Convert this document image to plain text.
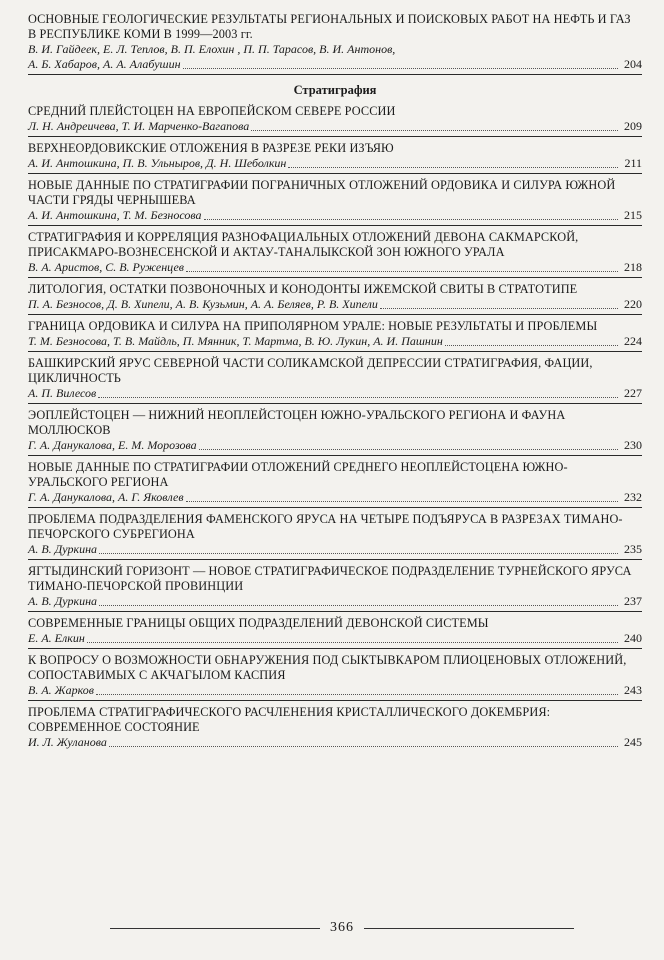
ОСНОВНЫЕ ГЕОЛОГИЧЕСКИЕ РЕЗУЛЬТАТЫ РЕГИОНАЛЬНЫХ И ПОИСКОВЫХ РАБОТ НА НЕФТЬ И ГАЗ В РЕСПУБЛИКЕ КОМИ В 1999—2003 гг.
В. И. Гайдеек, Е. Л. Теплов, В. П. Елохин , П. П. Тарасов, В. И. Антонов,
А. Б. Хабаров, А. А. Алабушин	204
Стратиграфия
СРЕДНИЙ ПЛЕЙСТОЦЕН НА ЕВРОПЕЙСКОМ СЕВЕРЕ РОССИИ
Л. Н. Андреичева, Т. И. Марченко-Вагапова	209
ВЕРХНЕОРДОВИКСКИЕ ОТЛОЖЕНИЯ В РАЗРЕЗЕ РЕКИ ИЗЪЯЮ
А. И. Антошкина, П. В. Ульныров, Д. Н. Шеболкин	211
НОВЫЕ ДАННЫЕ ПО СТРАТИГРАФИИ ПОГРАНИЧНЫХ ОТЛОЖЕНИЙ ОРДОВИКА И СИЛУРА ЮЖНОЙ ЧАСТИ ГРЯДЫ ЧЕРНЫШЕВА
А. И. Антошкина, Т. М. Безносова	215
СТРАТИГРАФИЯ И КОРРЕЛЯЦИЯ РАЗНОФАЦИАЛЬНЫХ ОТЛОЖЕНИЙ ДЕВОНА САКМАРСКОЙ, ПРИСАКМАРО-ВОЗНЕСЕНСКОЙ И АКТАУ-ТАНАЛЫКСКОЙ ЗОН ЮЖНОГО УРАЛА
В. А. Аристов, С. В. Руженцев	218
ЛИТОЛОГИЯ, ОСТАТКИ ПОЗВОНОЧНЫХ И КОНОДОНТЫ ИЖЕМСКОЙ СВИТЫ В СТРАТОТИПЕ
П. А. Безносов, Д. В. Хипели, А. В. Кузьмин, А. А. Беляев, Р. В. Хипели	220
ГРАНИЦА ОРДОВИКА И СИЛУРА НА ПРИПОЛЯРНОМ УРАЛЕ: НОВЫЕ РЕЗУЛЬТАТЫ И ПРОБЛЕМЫ
Т. М. Безносова, Т. В. Майдль, П. Мянник, Т. Мартма, В. Ю. Лукин, А. И. Пашнин	224
БАШКИРСКИЙ ЯРУС СЕВЕРНОЙ ЧАСТИ СОЛИКАМСКОЙ ДЕПРЕССИИ СТРАТИГРАФИЯ, ФАЦИИ, ЦИКЛИЧНОСТЬ
А. П. Вилесов	227
ЭОПЛЕЙСТОЦЕН — НИЖНИЙ НЕОПЛЕЙСТОЦЕН ЮЖНО-УРАЛЬСКОГО РЕГИОНА И ФАУНА МОЛЛЮСКОВ
Г. А. Данукалова, Е. М. Морозова	230
НОВЫЕ ДАННЫЕ ПО СТРАТИГРАФИИ ОТЛОЖЕНИЙ СРЕДНЕГО НЕОПЛЕЙСТОЦЕНА ЮЖНО-УРАЛЬСКОГО РЕГИОНА
Г. А. Данукалова, А. Г. Яковлев	232
ПРОБЛЕМА ПОДРАЗДЕЛЕНИЯ ФАМЕНСКОГО ЯРУСА НА ЧЕТЫРЕ ПОДЪЯРУСА В РАЗРЕЗАХ ТИМАНО-ПЕЧОРСКОГО СУБРЕГИОНА
А. В. Дуркина	235
ЯГТЫДИНСКИЙ ГОРИЗОНТ — НОВОЕ СТРАТИГРАФИЧЕСКОЕ ПОДРАЗДЕЛЕНИЕ ТУРНЕЙСКОГО ЯРУСА ТИМАНО-ПЕЧОРСКОЙ ПРОВИНЦИИ
А. В. Дуркина	237
СОВРЕМЕННЫЕ ГРАНИЦЫ ОБЩИХ ПОДРАЗДЕЛЕНИЙ ДЕВОНСКОЙ СИСТЕМЫ
Е. А. Елкин	240
К ВОПРОСУ О ВОЗМОЖНОСТИ ОБНАРУЖЕНИЯ ПОД СЫКТЫВКАРОМ ПЛИОЦЕНОВЫХ ОТЛОЖЕНИЙ, СОПОСТАВИМЫХ С АКЧАГЫЛОМ КАСПИЯ
В. А. Жарков	243
ПРОБЛЕМА СТРАТИГРАФИЧЕСКОГО РАСЧЛЕНЕНИЯ КРИСТАЛЛИЧЕСКОГО ДОКЕМБРИЯ: СОВРЕМЕННОЕ СОСТОЯНИЕ
И. Л. Жуланова	245
366
